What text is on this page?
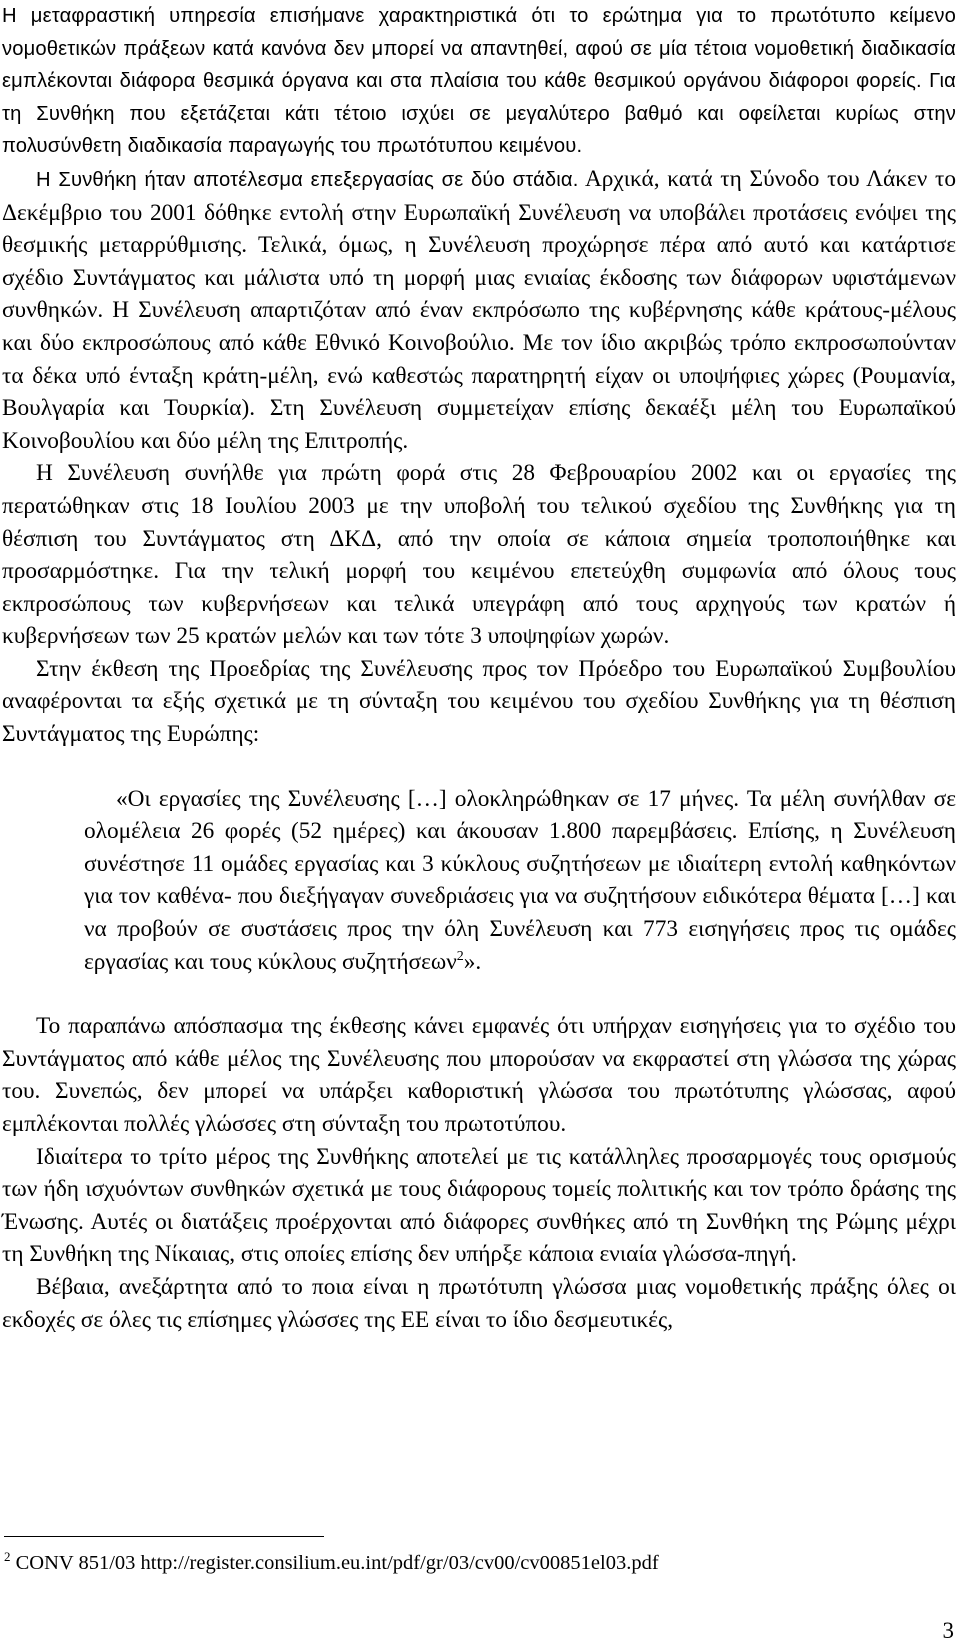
Η μεταφραστική υπηρεσία επισήμανε χαρακτηριστικά ότι το ερώτημα για το πρωτότυπο κείμενο νομοθετικών πράξεων κατά κανόνα δεν μπορεί να απαντηθεί, αφού σε μία τέτοια νομοθετική διαδικασία εμπλέκονται διάφορα θεσμικά όργανα και στα πλαίσια του κάθε θεσμικού οργάνου διάφοροι φορείς. Για τη Συνθήκη που εξετάζεται κάτι τέτοιο ισχύει σε μεγαλύτερο βαθμό και οφείλεται κυρίως στην πολυσύνθετη διαδικασία παραγωγής του πρωτότυπου κειμένου.

Η Συνθήκη ήταν αποτέλεσμα επεξεργασίας σε δύο στάδια. Αρχικά, κατά τη Σύνοδο του Λάκεν το Δεκέμβριο του 2001 δόθηκε εντολή στην Ευρωπαϊκή Συνέλευση να υποβάλει προτάσεις ενόψει της θεσμικής μεταρρύθμισης. Τελικά, όμως, η Συνέλευση προχώρησε πέρα από αυτό και κατάρτισε σχέδιο Συντάγματος και μάλιστα υπό τη μορφή μιας ενιαίας έκδοσης των διάφορων υφιστάμενων συνθηκών. Η Συνέλευση απαρτιζόταν από έναν εκπρόσωπο της κυβέρνησης κάθε κράτους-μέλους και δύο εκπροσώπους από κάθε Εθνικό Κοινοβούλιο. Με τον ίδιο ακριβώς τρόπο εκπροσωπούνταν τα δέκα υπό ένταξη κράτη-μέλη, ενώ καθεστώς παρατηρητή είχαν οι υποψήφιες χώρες (Ρουμανία, Βουλγαρία και Τουρκία). Στη Συνέλευση συμμετείχαν επίσης δεκαέξι μέλη του Ευρωπαϊκού Κοινοβουλίου και δύο μέλη της Επιτροπής.

Η Συνέλευση συνήλθε για πρώτη φορά στις 28 Φεβρουαρίου 2002 και οι εργασίες της περατώθηκαν στις 18 Ιουλίου 2003 με την υποβολή του τελικού σχεδίου της Συνθήκης για τη θέσπιση του Συντάγματος στη ΔΚΔ, από την οποία σε κάποια σημεία τροποποιήθηκε και προσαρμόστηκε. Για την τελική μορφή του κειμένου επετεύχθη συμφωνία από όλους τους εκπροσώπους των κυβερνήσεων και τελικά υπεγράφη από τους αρχηγούς των κρατών ή κυβερνήσεων των 25 κρατών μελών και των τότε 3 υποψηφίων χωρών.

Στην έκθεση της Προεδρίας της Συνέλευσης προς τον Πρόεδρο του Ευρωπαϊκού Συμβουλίου αναφέρονται τα εξής σχετικά με τη σύνταξη του κειμένου του σχεδίου Συνθήκης για τη θέσπιση Συντάγματος της Ευρώπης:

«Οι εργασίες της Συνέλευσης […] ολοκληρώθηκαν σε 17 μήνες. Τα μέλη συνήλθαν σε ολομέλεια 26 φορές (52 ημέρες) και άκουσαν 1.800 παρεμβάσεις. Επίσης, η Συνέλευση συνέστησε 11 ομάδες εργασίας και 3 κύκλους συζητήσεων με ιδιαίτερη εντολή καθηκόντων για τον καθένα- που διεξήγαγαν συνεδριάσεις για να συζητήσουν ειδικότερα θέματα […] και να προβούν σε συστάσεις προς την όλη Συνέλευση και 773 εισηγήσεις προς τις ομάδες εργασίας και τους κύκλους συζητήσεων$^2$».

Το παραπάνω απόσπασμα της έκθεσης κάνει εμφανές ότι υπήρχαν εισηγήσεις για το σχέδιο του Συντάγματος από κάθε μέλος της Συνέλευσης που μπορούσαν να εκφραστεί στη γλώσσα της χώρας του. Συνεπώς, δεν μπορεί να υπάρξει καθοριστική γλώσσα του πρωτότυπης γλώσσας, αφού εμπλέκονται πολλές γλώσσες στη σύνταξη του πρωτοτύπου.

Ιδιαίτερα το τρίτο μέρος της Συνθήκης αποτελεί με τις κατάλληλες προσαρμογές τους ορισμούς των ήδη ισχυόντων συνθηκών σχετικά με τους διάφορους τομείς πολιτικής και τον τρόπο δράσης της Ένωσης. Αυτές οι διατάξεις προέρχονται από διάφορες συνθήκες από τη Συνθήκη της Ρώμης μέχρι τη Συνθήκη της Νίκαιας, στις οποίες επίσης δεν υπήρξε κάποια ενιαία γλώσσα-πηγή.

Βέβαια, ανεξάρτητα από το ποια είναι η πρωτότυπη γλώσσα μιας νομοθετικής πράξης όλες οι εκδοχές σε όλες τις επίσημες γλώσσες της ΕΕ είναι το ίδιο δεσμευτικές,

$^2$ CONV 851/03 http://register.consilium.eu.int/pdf/gr/03/cv00/cv00851el03.pdf
3
